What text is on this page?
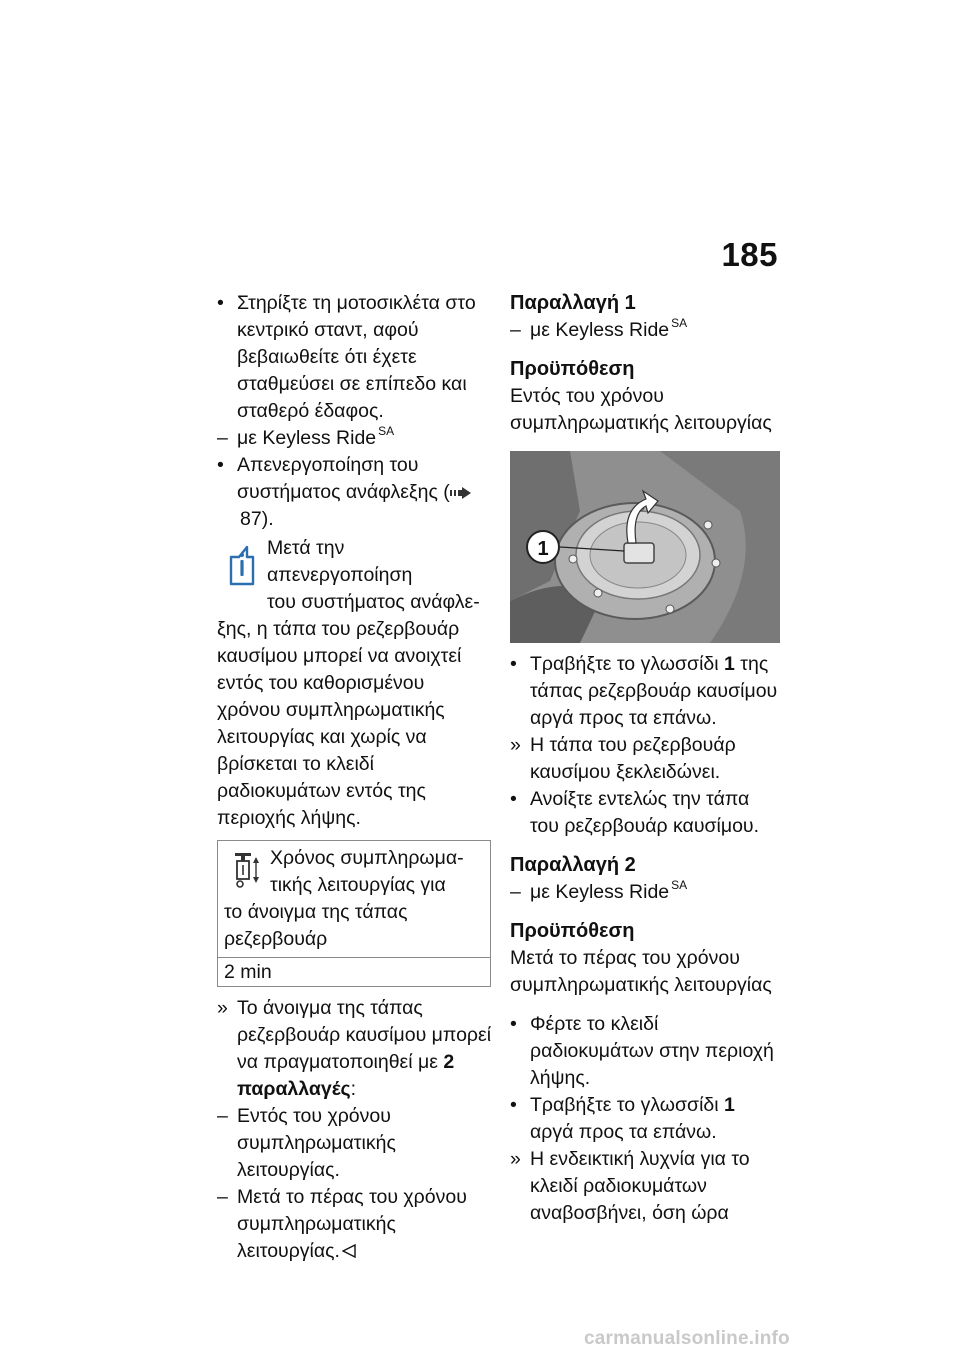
185
•
Στηρίξτε τη μοτοσικλέτα στο κεντρικό σταντ, αφού βεβαιωθείτε ότι έχετε σταθμεύσει σε επίπεδο και σταθερό έδαφος.
–
με Keyless Ride $^{SA}$
•
Απενεργοποίηση του συστήματος ανάφλεξης (87).
Μετά την απενεργοποίηση
του συστήματος ανάφλε-
ξης, η τάπα του ρεζερβουάρ καυσίμου μπορεί να ανοιχτεί εντός του καθορισμένου χρόνου συμπληρωματικής λειτουργίας και χωρίς να βρίσκεται το κλειδί ραδιοκυμάτων εντός της περιοχής λήψης.
Χρόνος συμπληρωμα-
τικής λειτουργίας για
το άνοιγμα της τάπας ρεζερβουάρ
2 min
»
Το άνοιγμα της τάπας ρεζερβουάρ καυσίμου μπορεί να πραγματοποιηθεί με 2 παραλλαγές:
–
Εντός του χρόνου συμπληρωματικής λειτουργίας.
–
Μετά το πέρας του χρόνου συμπληρωματικής λειτουργίας.
Παραλλαγή 1
–
με Keyless Ride $^{SA}$
Προϋπόθεση
Εντός του χρόνου συμπληρωματικής λειτουργίας
1
•
Τραβήξτε το γλωσσίδι 1 της τάπας ρεζερβουάρ καυσίμου αργά προς τα επάνω.
»
Η τάπα του ρεζερβουάρ καυσίμου ξεκλειδώνει.
•
Ανοίξτε εντελώς την τάπα του ρεζερβουάρ καυσίμου.
Παραλλαγή 2
–
με Keyless Ride $^{SA}$
Προϋπόθεση
Μετά το πέρας του χρόνου συμπληρωματικής λειτουργίας
•
Φέρτε το κλειδί ραδιοκυμάτων στην περιοχή λήψης.
•
Τραβήξτε το γλωσσίδι 1 αργά προς τα επάνω.
»
Η ενδεικτική λυχνία για το κλειδί ραδιοκυμάτων αναβοσβήνει, όση ώρα
carmanualsonline.info
